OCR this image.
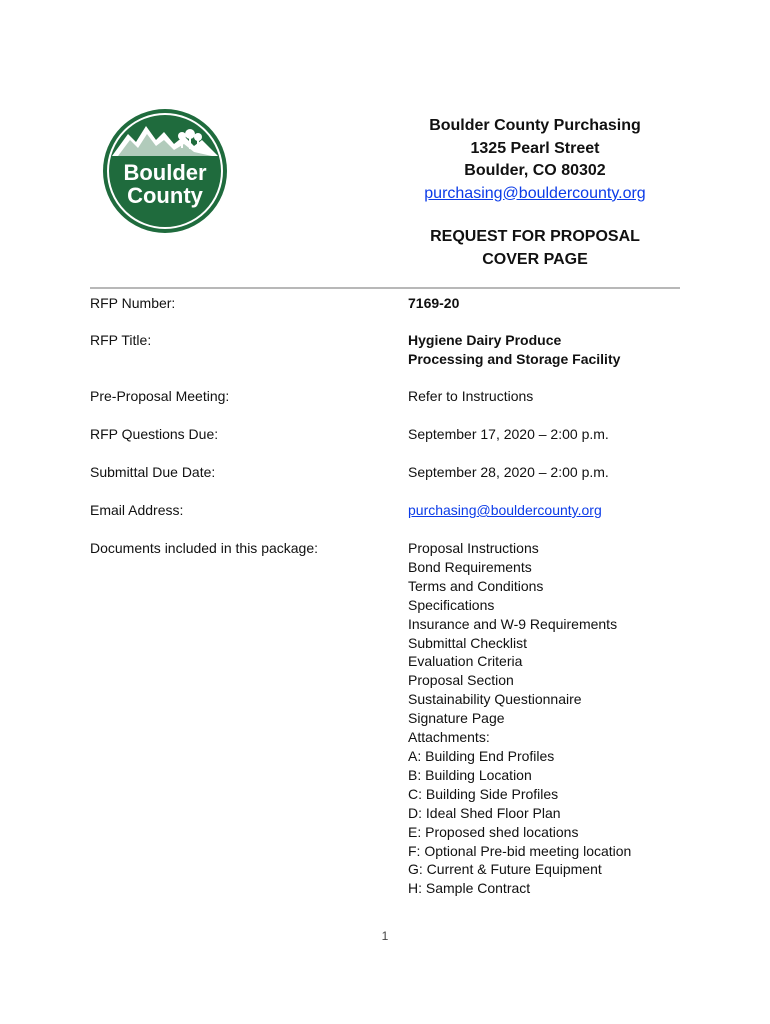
Boulder
County
Boulder County Purchasing
1325 Pearl Street
Boulder, CO 80302
purchasing@bouldercounty.org
REQUEST FOR PROPOSAL
COVER PAGE
RFP Number:	7169-20
RFP Title:	Hygiene Dairy Produce
Processing and Storage Facility
Pre-Proposal Meeting:	Refer to Instructions
RFP Questions Due:	September 17, 2020 – 2:00 p.m.
Submittal Due Date:	September 28, 2020 – 2:00 p.m.
Email Address:	purchasing@bouldercounty.org
Documents included in this package:	Proposal Instructions
Bond Requirements
Terms and Conditions
Specifications
Insurance and W-9 Requirements
Submittal Checklist
Evaluation Criteria
Proposal Section
Sustainability Questionnaire
Signature Page
Attachments:
A: Building End Profiles
B: Building Location
C: Building Side Profiles
D: Ideal Shed Floor Plan
E: Proposed shed locations
F: Optional Pre-bid meeting location
G: Current & Future Equipment
H: Sample Contract
1
